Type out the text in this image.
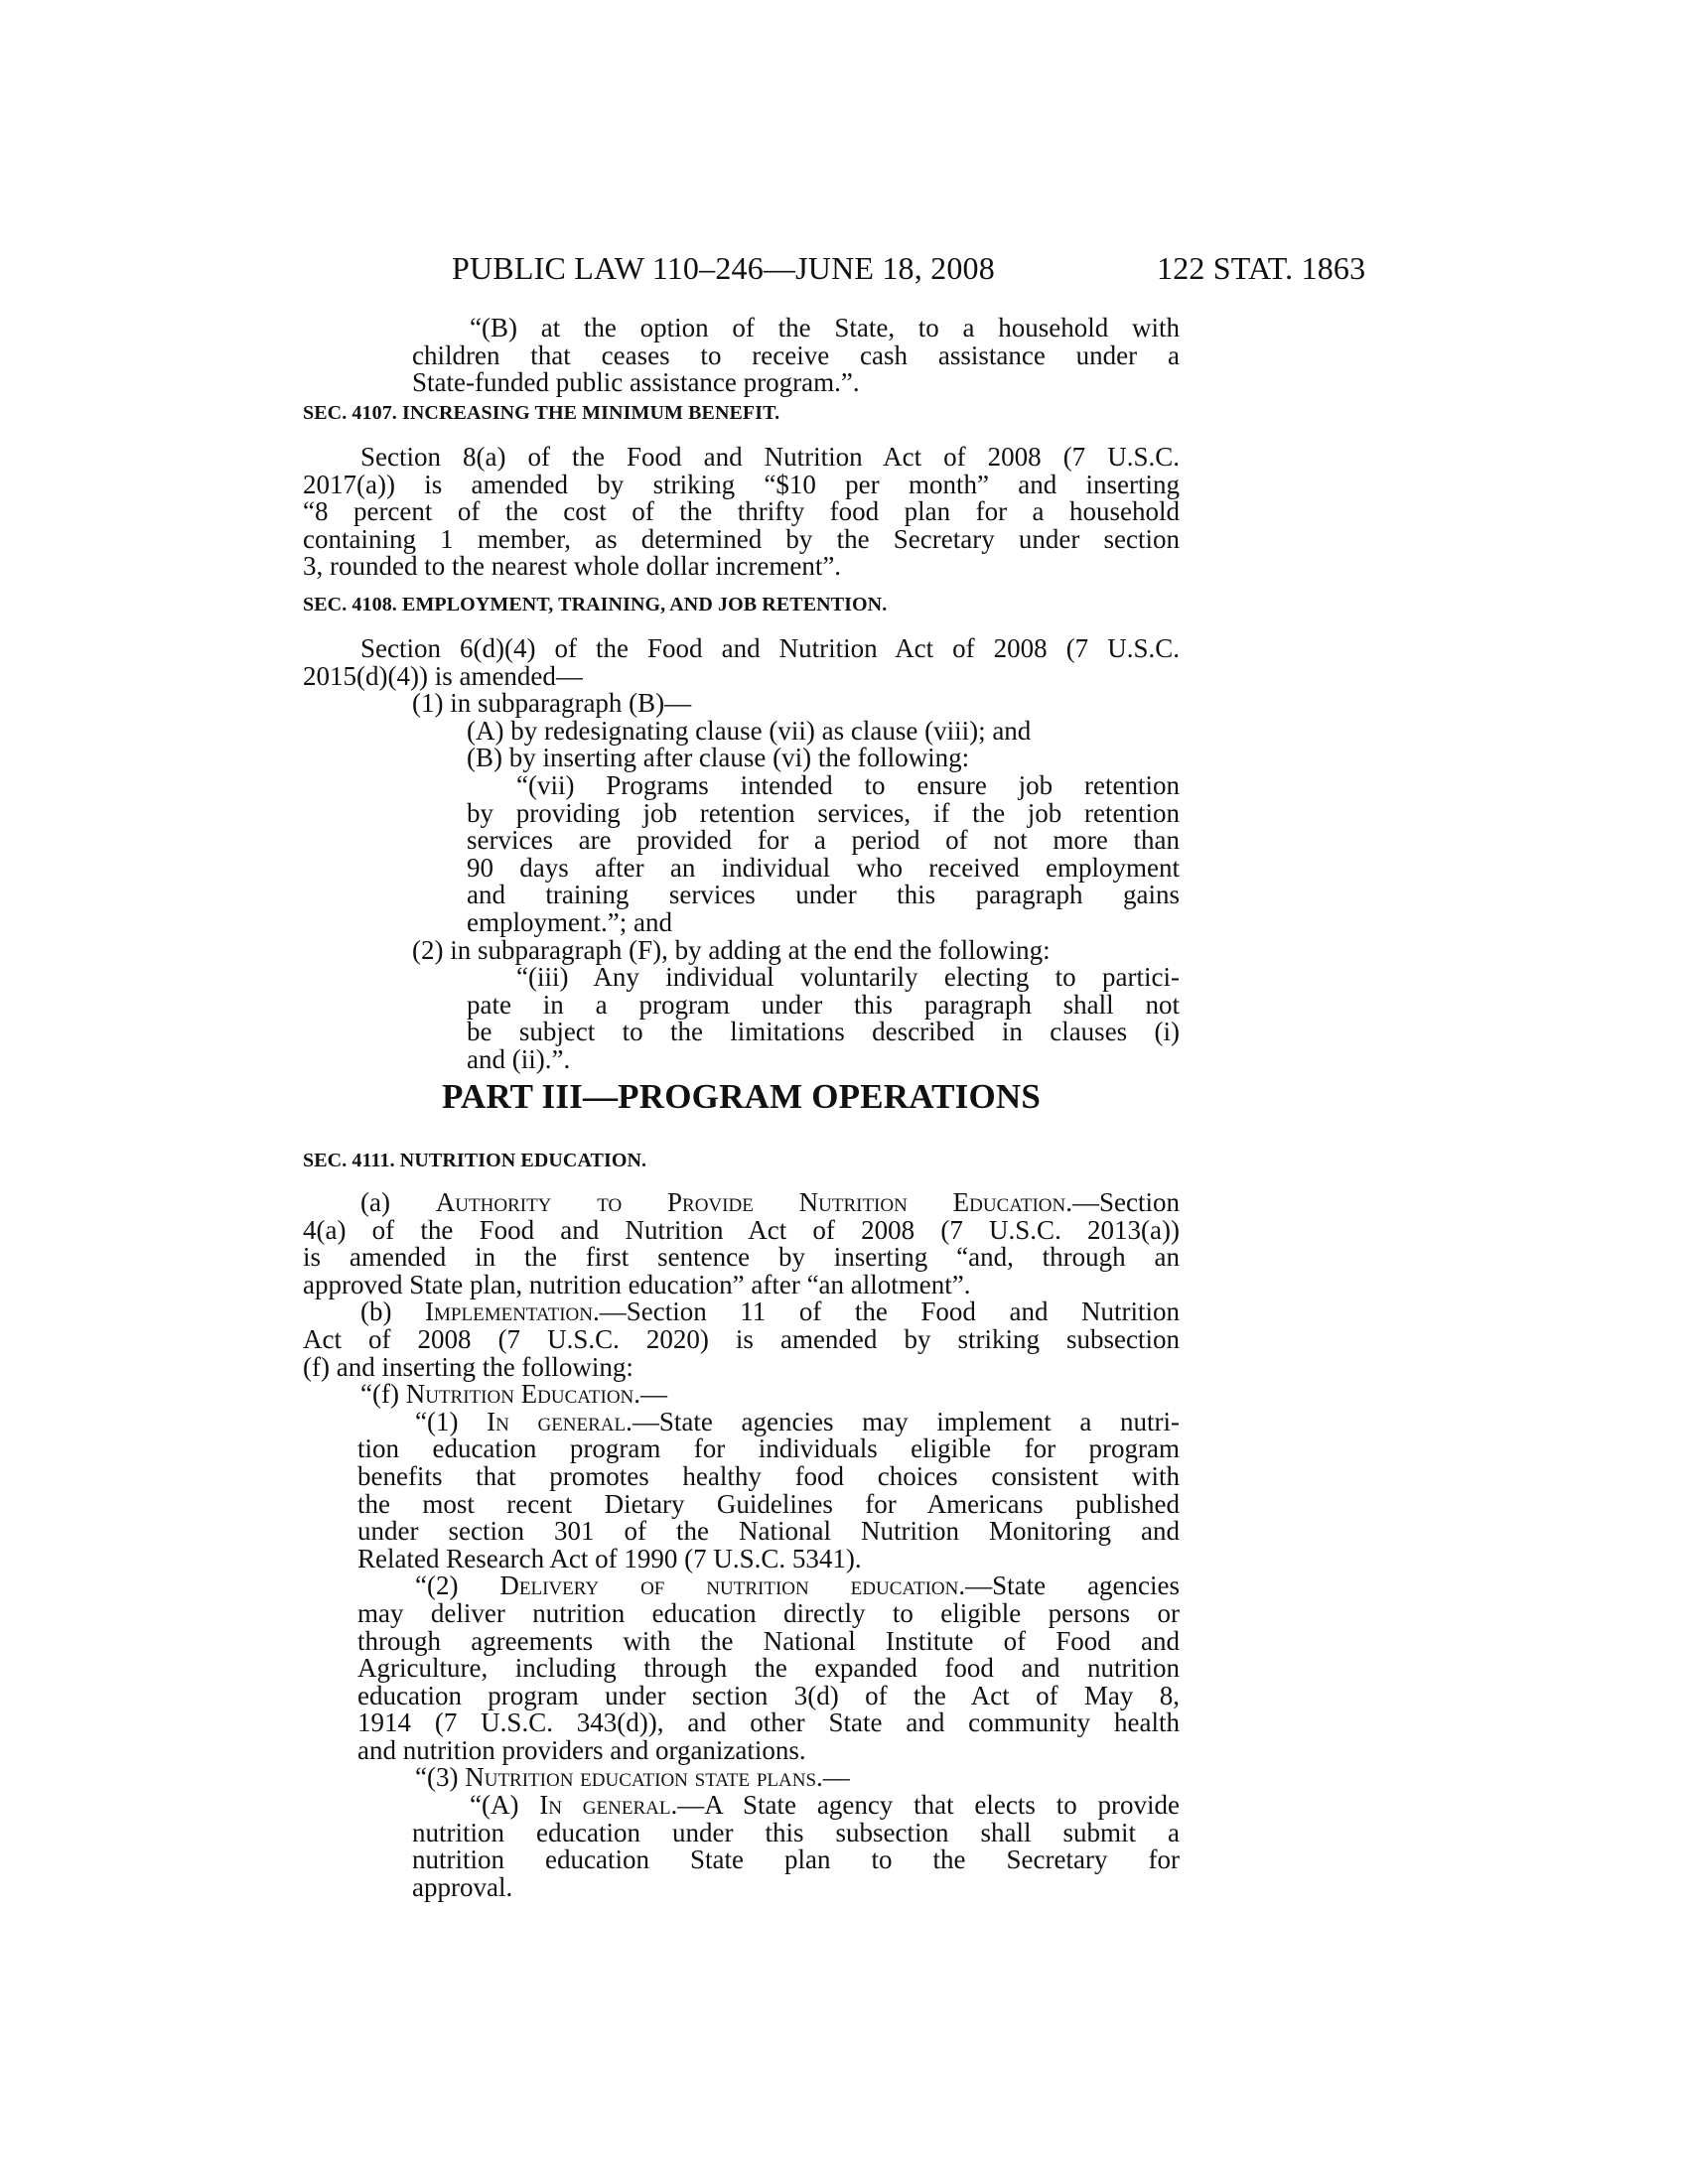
PUBLIC LAW 110–246—JUNE 18, 2008	122 STAT. 1863

“(B) at the option of the State, to a household with

children that ceases to receive cash assistance under a

State-funded public assistance program.”.

SEC. 4107. INCREASING THE MINIMUM BENEFIT.

Section 8(a) of the Food and Nutrition Act of 2008 (7 U.S.C.

2017(a)) is amended by striking “$10 per month” and inserting

“8 percent of the cost of the thrifty food plan for a household

containing 1 member, as determined by the Secretary under section

3, rounded to the nearest whole dollar increment”.

SEC. 4108. EMPLOYMENT, TRAINING, AND JOB RETENTION.

Section 6(d)(4) of the Food and Nutrition Act of 2008 (7 U.S.C.

2015(d)(4)) is amended—

(1) in subparagraph (B)—

(A) by redesignating clause (vii) as clause (viii); and

(B) by inserting after clause (vi) the following:

“(vii) Programs intended to ensure job retention

by providing job retention services, if the job retention

services are provided for a period of not more than

90 days after an individual who received employment

and training services under this paragraph gains

employment.”; and

(2) in subparagraph (F), by adding at the end the following:

“(iii) Any individual voluntarily electing to partici-

pate in a program under this paragraph shall not

be subject to the limitations described in clauses (i)

and (ii).”.

PART III—PROGRAM OPERATIONS

SEC. 4111. NUTRITION EDUCATION.

(a) Authority to Provide Nutrition Education.—Section

4(a) of the Food and Nutrition Act of 2008 (7 U.S.C. 2013(a))

is amended in the first sentence by inserting “and, through an

approved State plan, nutrition education” after “an allotment”.

(b) Implementation.—Section 11 of the Food and Nutrition

Act of 2008 (7 U.S.C. 2020) is amended by striking subsection

(f) and inserting the following:

“(f) Nutrition Education.—

“(1) In general.—State agencies may implement a nutri-

tion education program for individuals eligible for program

benefits that promotes healthy food choices consistent with

the most recent Dietary Guidelines for Americans published

under section 301 of the National Nutrition Monitoring and

Related Research Act of 1990 (7 U.S.C. 5341).

“(2) Delivery of nutrition education.—State agencies

may deliver nutrition education directly to eligible persons or

through agreements with the National Institute of Food and

Agriculture, including through the expanded food and nutrition

education program under section 3(d) of the Act of May 8,

1914 (7 U.S.C. 343(d)), and other State and community health

and nutrition providers and organizations.

“(3) Nutrition education state plans.—

“(A) In general.—A State agency that elects to provide

nutrition education under this subsection shall submit a

nutrition education State plan to the Secretary for

approval.
